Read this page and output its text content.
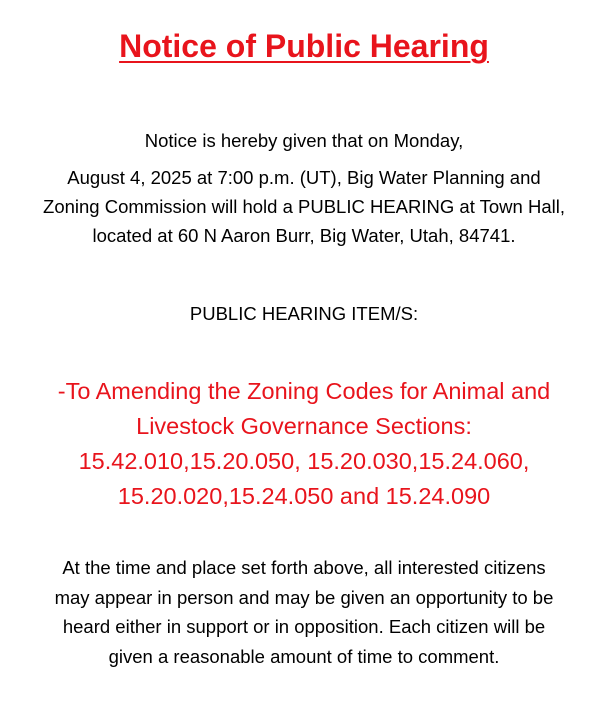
Notice of Public Hearing
Notice is hereby given that on Monday,
August 4, 2025 at 7:00 p.m. (UT), Big Water Planning and
Zoning Commission will hold a PUBLIC HEARING at Town Hall,
located at 60 N Aaron Burr, Big Water, Utah, 84741.
PUBLIC HEARING ITEM/S:
-To Amending the Zoning Codes for Animal and
Livestock Governance Sections:
15.42.010,15.20.050, 15.20.030,15.24.060,
15.20.020,15.24.050 and 15.24.090
At the time and place set forth above, all interested citizens
may appear in person and may be given an opportunity to be
heard either in support or in opposition. Each citizen will be
given a reasonable amount of time to comment.
